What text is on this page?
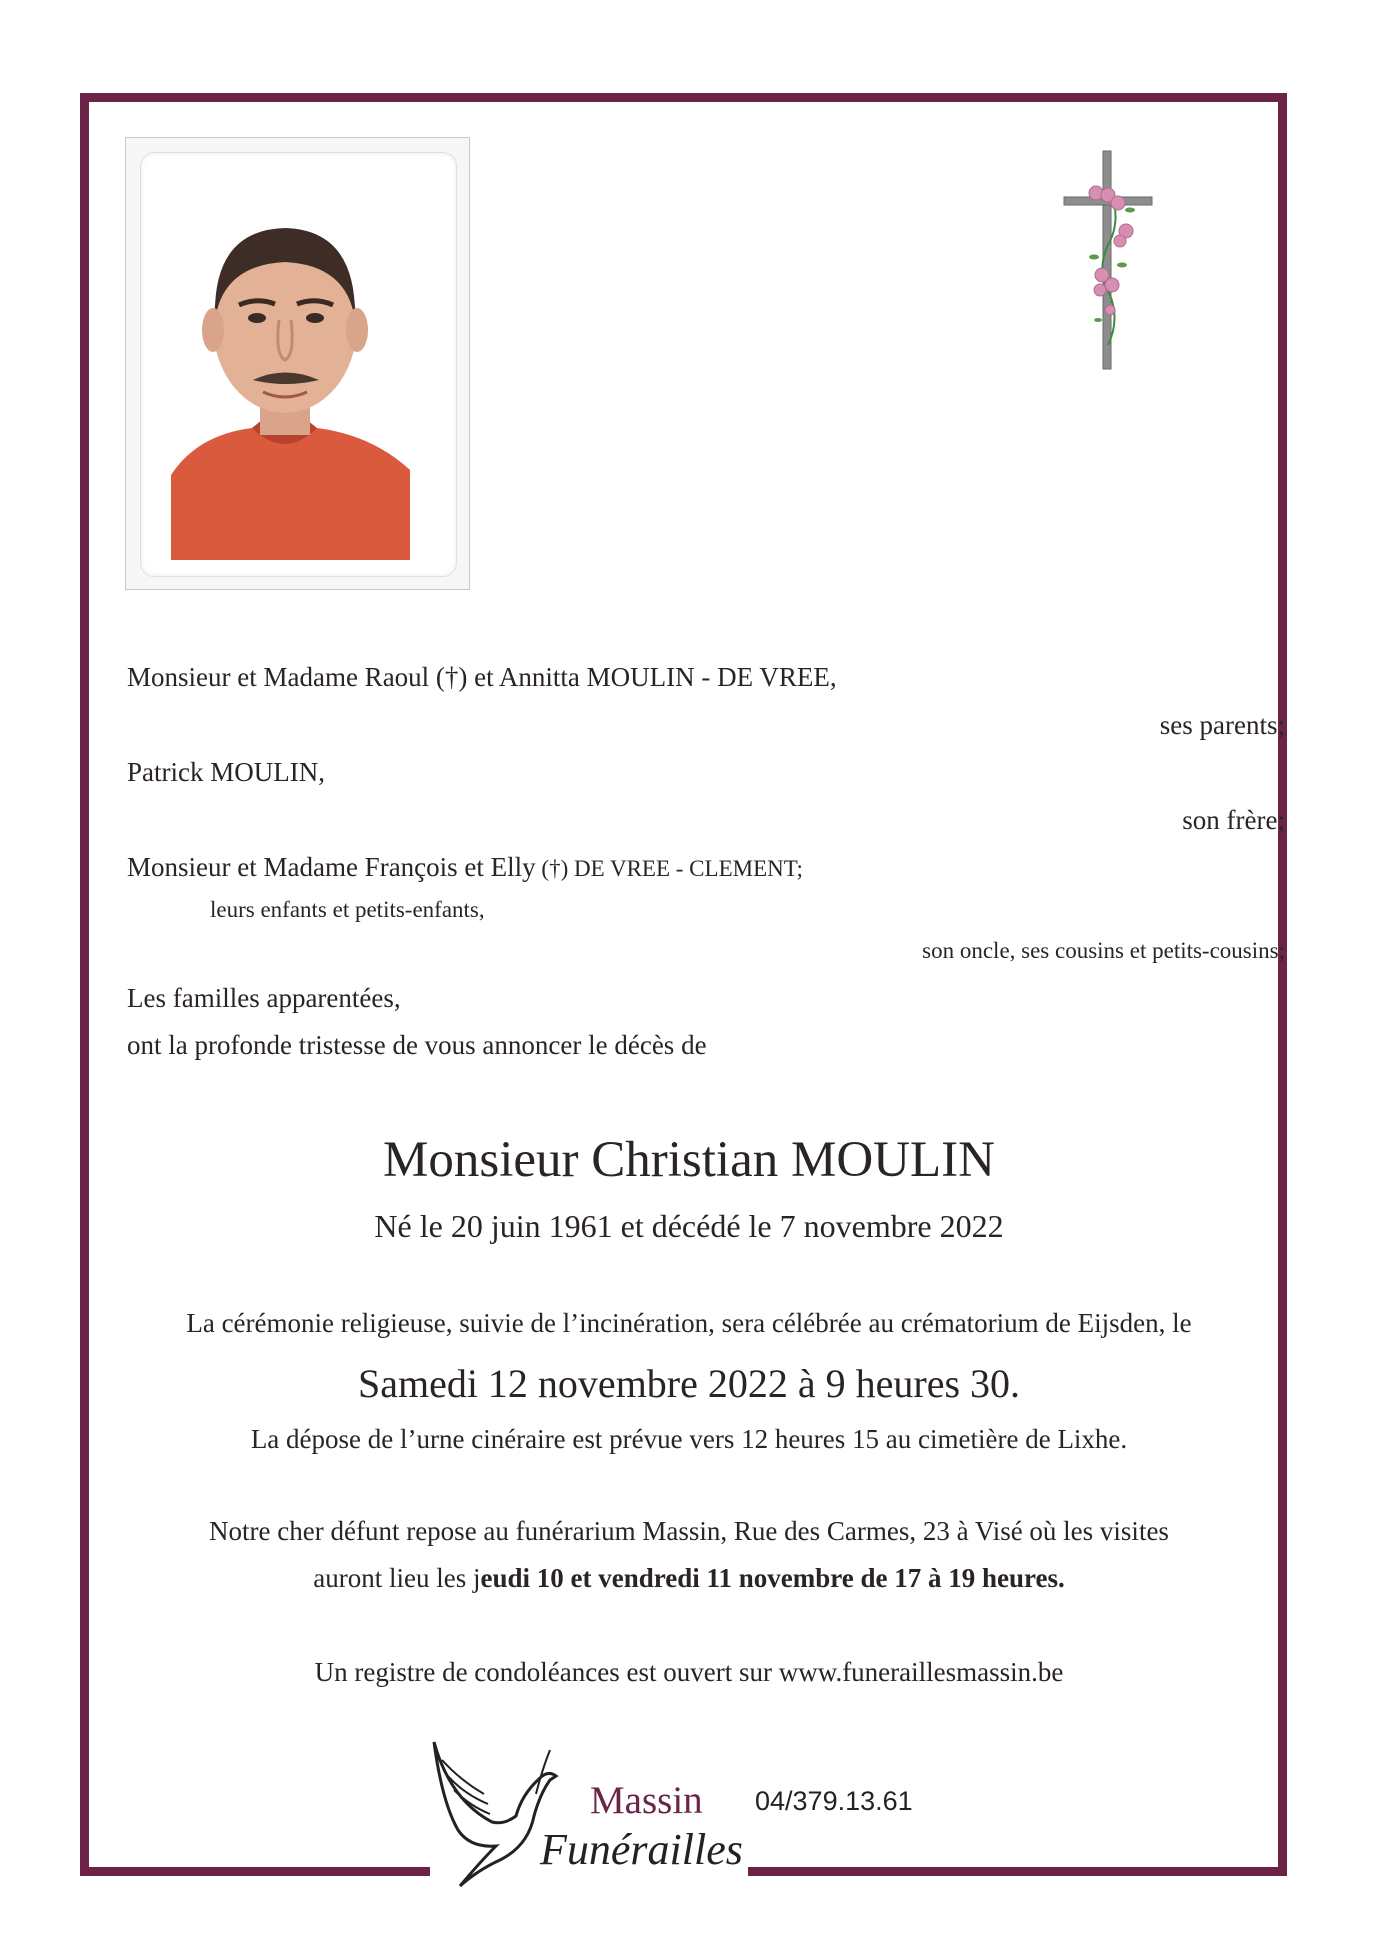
Monsieur et Madame Raoul (†) et Annitta MOULIN - DE VREE,
ses parents;
Patrick MOULIN,
son frère;
Monsieur et Madame François et Elly (†) DE VREE - CLEMENT;
leurs enfants et petits-enfants,
son oncle, ses cousins et petits-cousins;
Les familles apparentées,
ont la profonde tristesse de vous annoncer le décès de
Monsieur Christian MOULIN
Né le 20 juin 1961 et décédé le 7 novembre 2022
La cérémonie religieuse, suivie de l’incinération, sera célébrée au crématorium de Eijsden, le
Samedi 12 novembre 2022 à 9 heures 30.
La dépose de l’urne cinéraire est prévue vers 12 heures 15 au cimetière de Lixhe.
Notre cher défunt repose au funérarium Massin, Rue des Carmes, 23 à Visé où les visites
auront lieu les jeudi 10 et vendredi 11 novembre de 17 à 19 heures.
Un registre de condoléances est ouvert sur www.funeraillesmassin.be
Massin
Funérailles
04/379.13.61
